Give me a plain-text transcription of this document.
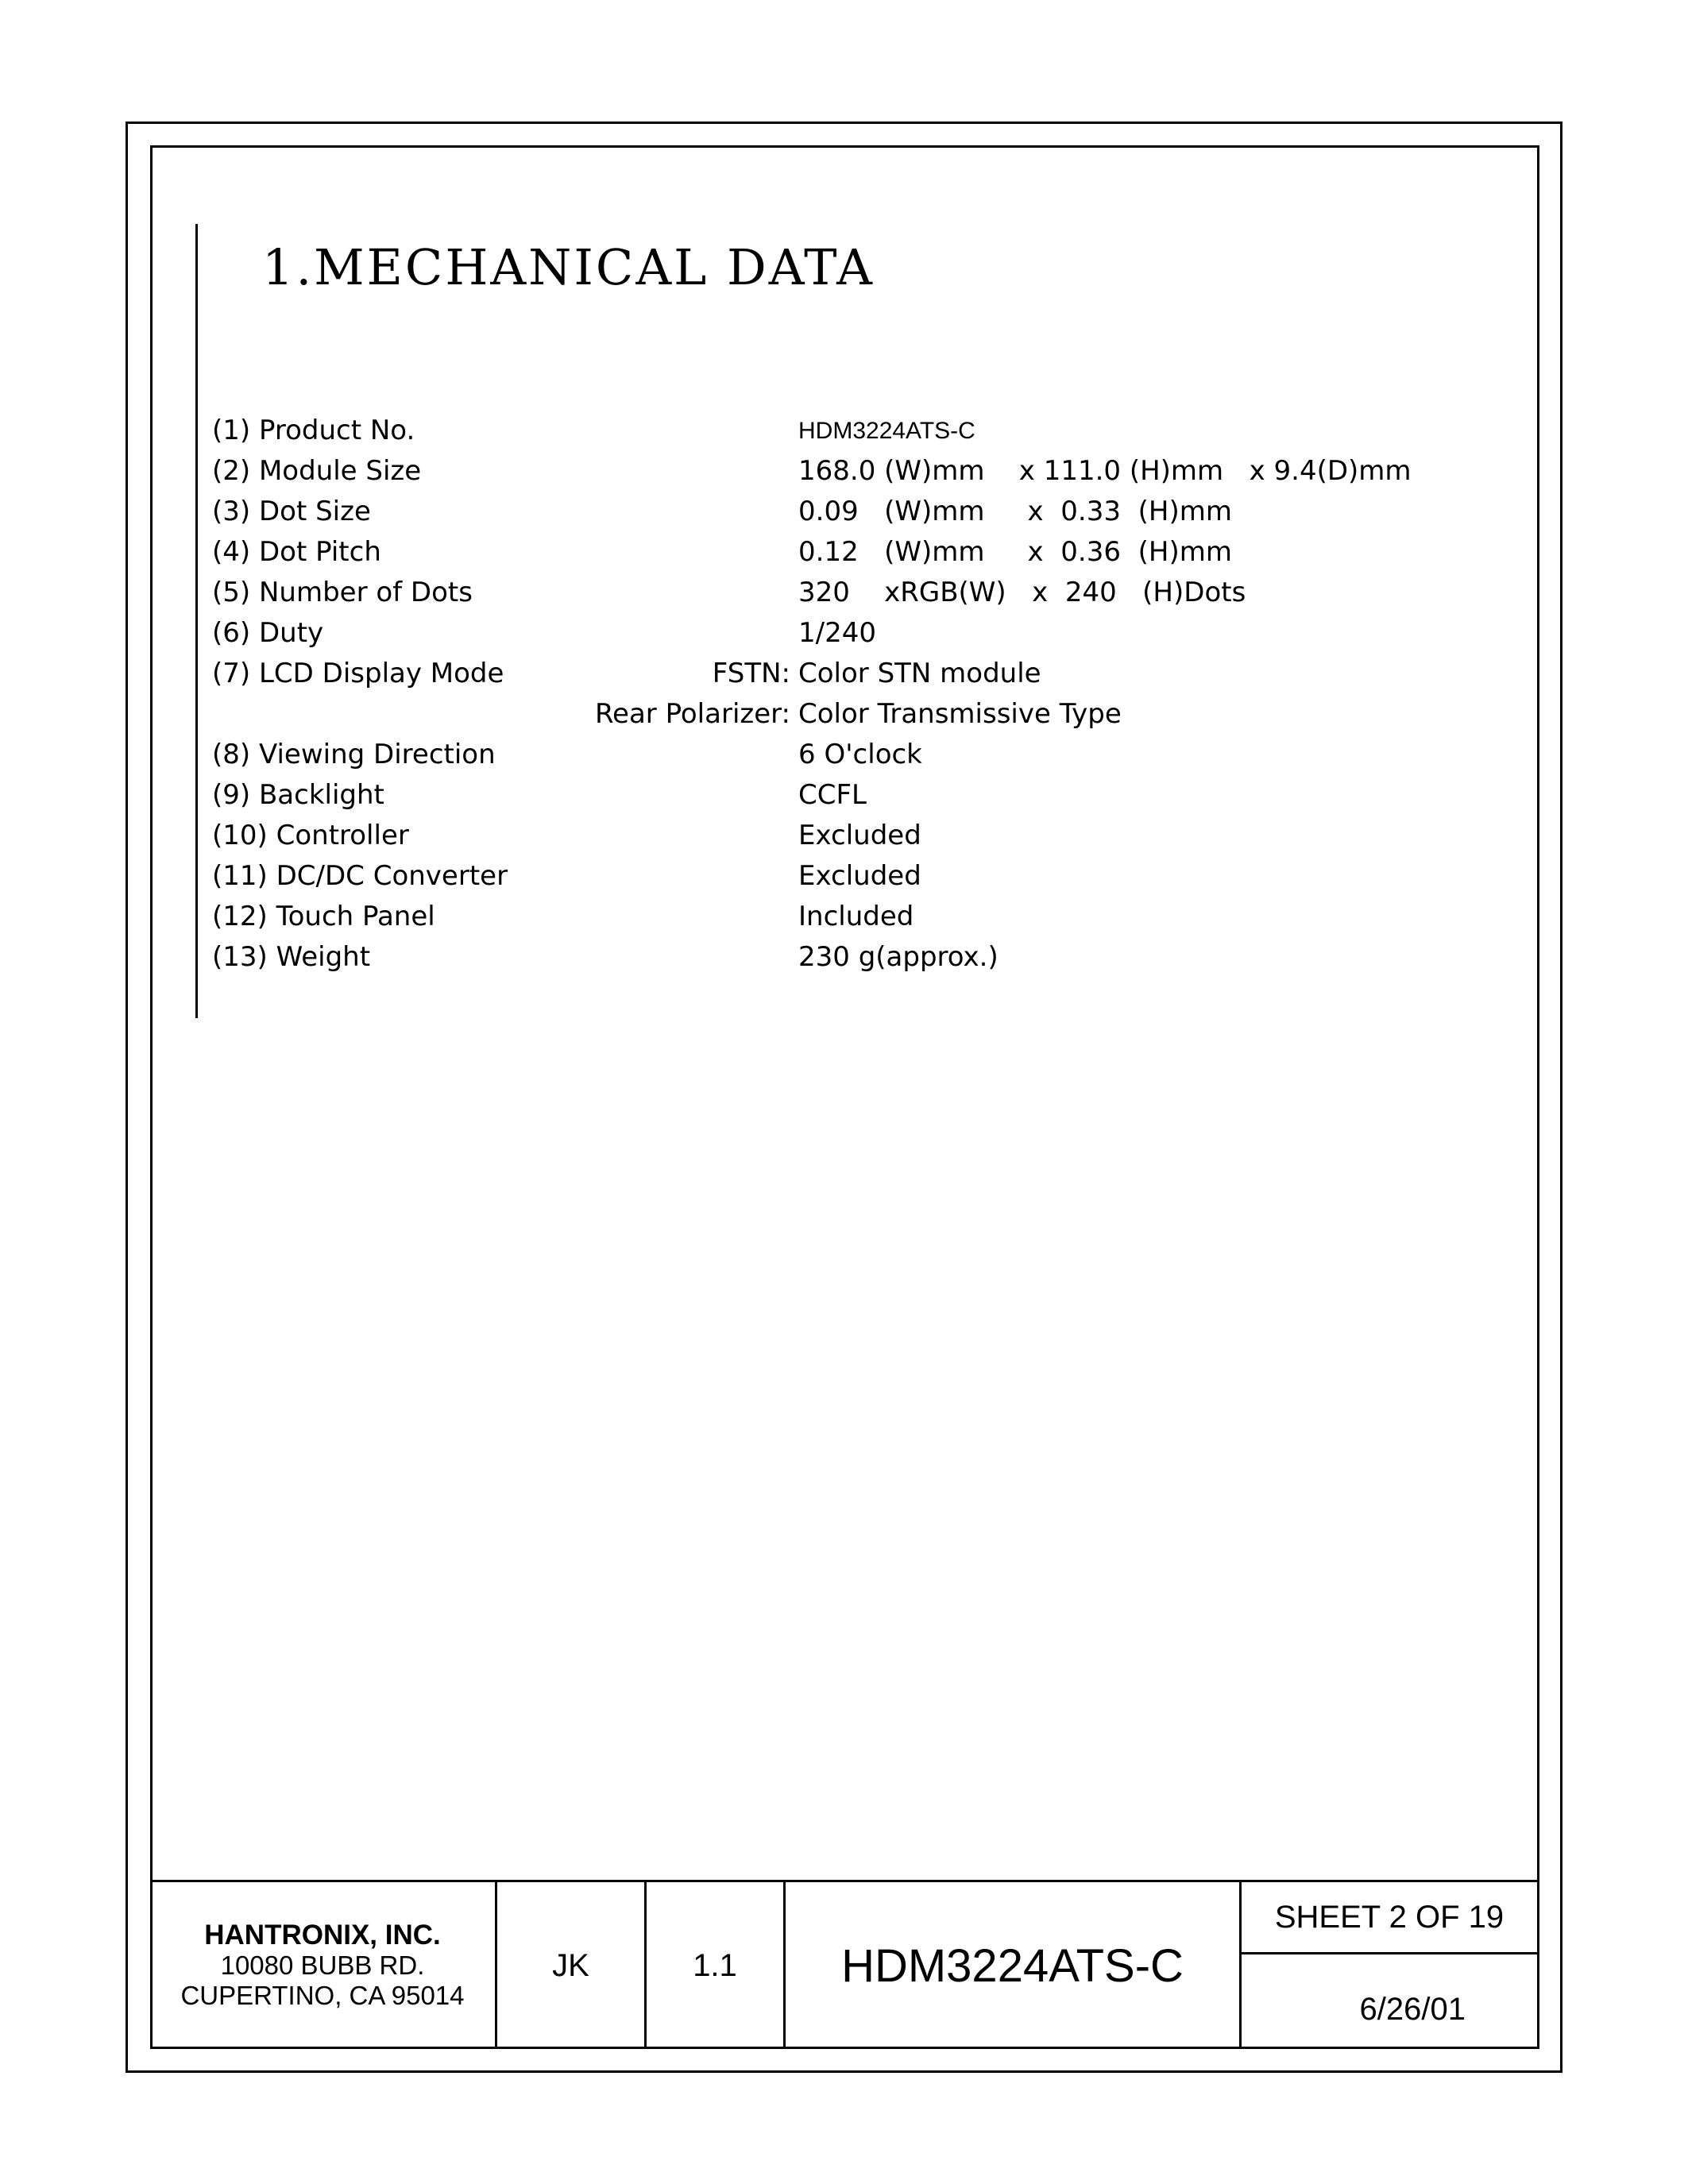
1.MECHANICAL DATA
(1) Product No.	HDM3224ATS-C
(2) Module Size	168.0 (W)mm    x 111.0 (H)mm   x 9.4(D)mm
(3) Dot Size	0.09   (W)mm     x  0.33  (H)mm
(4) Dot Pitch	0.12   (W)mm     x  0.36  (H)mm
(5) Number of Dots	320    xRGB(W)   x  240   (H)Dots
(6) Duty	1/240
(7) LCD Display Mode	FSTN: Color STN module
Rear Polarizer: Color Transmissive Type
(8) Viewing Direction	6 O'clock
(9) Backlight	CCFL
(10) Controller	Excluded
(11) DC/DC Converter	Excluded
(12) Touch Panel	Included
(13) Weight	230 g(approx.)
HANTRONIX, INC.
10080 BUBB RD.
CUPERTINO, CA 95014
JK	1.1	HDM3224ATS-C
SHEET 2 OF 19
6/26/01
